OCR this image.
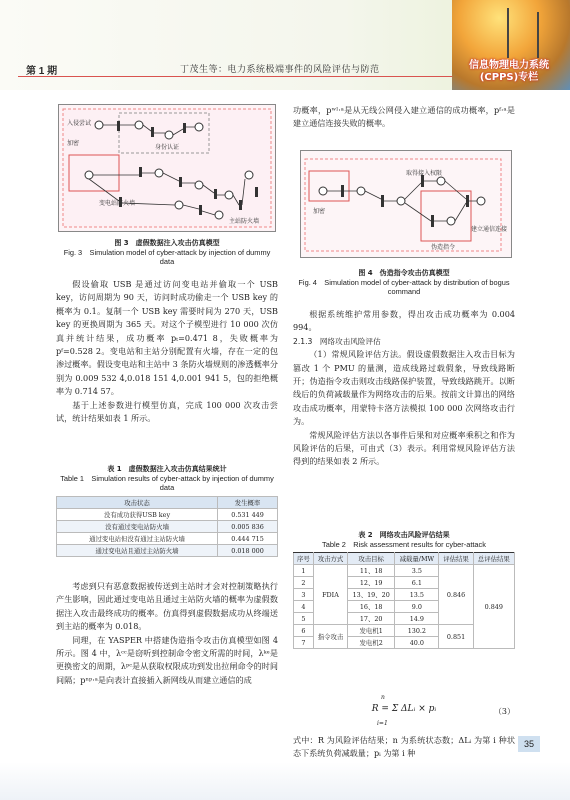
第 1 期	丁茂生等：电力系统极端事件的风险评估与防范	信息物理电力系统(CPPS)专栏
入侵尝试
加密
身份认证
变电站防火墙
主站防火墙
图 3　虚假数据注入攻击仿真模型
Fig. 3　Simulation model of cyber-attack by injection of dummy data

假设偷取 USB 是通过访问变电站并偷取一个 USB key，访问周期为 90 天，访问时成功偷走一个 USB key 的概率为 0.1。复制一个 USB key 需要时间为 270 天，USB key 的更换周期为 365 天。对这个子模型进行 10 000 次仿真并统计结果，成功概率 pₜ=0.471 8，失败概率为 pᶠ=0.528 2。变电站和主站分别配置有火墙，存在一定的包渗过概率。假设变电站和主站中 3 条防火墙规则的渗透概率分别为 0.009 532 4,0.018 151 4,0.001 941 5，包的拒绝概率为 0.714 57。

基于上述参数进行模型仿真，完成 100 000 次攻击尝试，统计结果如表 1 所示。

表 1　虚假数据注入攻击仿真结果统计
Table 1　Simulation results of cyber-attack by injection of dummy data
攻击状态	发生概率
没有成功获得USB key	0.531 449
没有通过变电站防火墙	0.005 836
通过变电站但没有通过主站防火墙	0.444 715
通过变电站且通过主站防火墙	0.018 000

考虑到只有恶意数据被传送到主站时才会对控制策略执行产生影响，因此通过变电站且通过主站防火墙的概率为虚假数据注入攻击最终成功的概率。仿真得到虚假数据成功从终端送到主站的概率为 0.018。

同理，在 YASPER 中搭建伪造指令攻击仿真模型如图 4 所示。图 4 中，λᶜᶜ是窃听到控制命令密文所需的时间，λᵏᵉ是更换密文的周期，λᵖᶜ是从获取权限成功到发出拉闸命令的时间间隔；pⁿᵖ·ᵃ是向表计直接插入新网线从而建立通信的成

功概率，pʷˡ·ᵃ是从无线公网侵入建立通信的成功概率，pᶠ·ᵃ是建立通信连接失败的概率。

取得接入权限
加密
建立通信连接
伪造指令
图 4　伪造指令攻击仿真模型
Fig. 4　Simulation model of cyber-attack by distribution of bogus command

根据系统维护常用参数，得出攻击成功概率为 0.004 994。

2.1.3　网络攻击风险评估

（1）常规风险评估方法。假设虚假数据注入攻击目标为篡改 1 个 PMU 的量测，造成线路过载假象，导致线路断开；伪造指令攻击则攻击线路保护装置，导致线路跳开。以断线后的负荷减载量作为网络攻击的后果。按前文计算出的网络攻击成功概率，用蒙特卡洛方法模拟 100 000 次网络攻击行为。

常规风险评估方法以各事件后果和对应概率乘积之和作为风险评估的后果，可由式（3）表示。利用常规风险评估方法得到的结果如表 2 所示。

表 2　网络攻击风险评估结果
Table 2　Risk assessment results for cyber-attack
序号	攻击方式	攻击目标	减载量/MW	评估结果	总评估结果
1	FDIA	11、18	3.5	0.846	0.849
2		12、19	6.1		
3		13、19、20	13.5		
4		16、18	9.0		
5		17、20	14.9		
6	指令攻击	发电机1	130.2	0.851	
7		发电机2	40.0		
n
R = Σ ΔLᵢ × pᵢ
i=1
（3）
式中：R 为风险评估结果；n 为系统状态数；ΔLᵢ 为第 i 种状态下系统负荷减载量；pᵢ 为第 i 种
35
